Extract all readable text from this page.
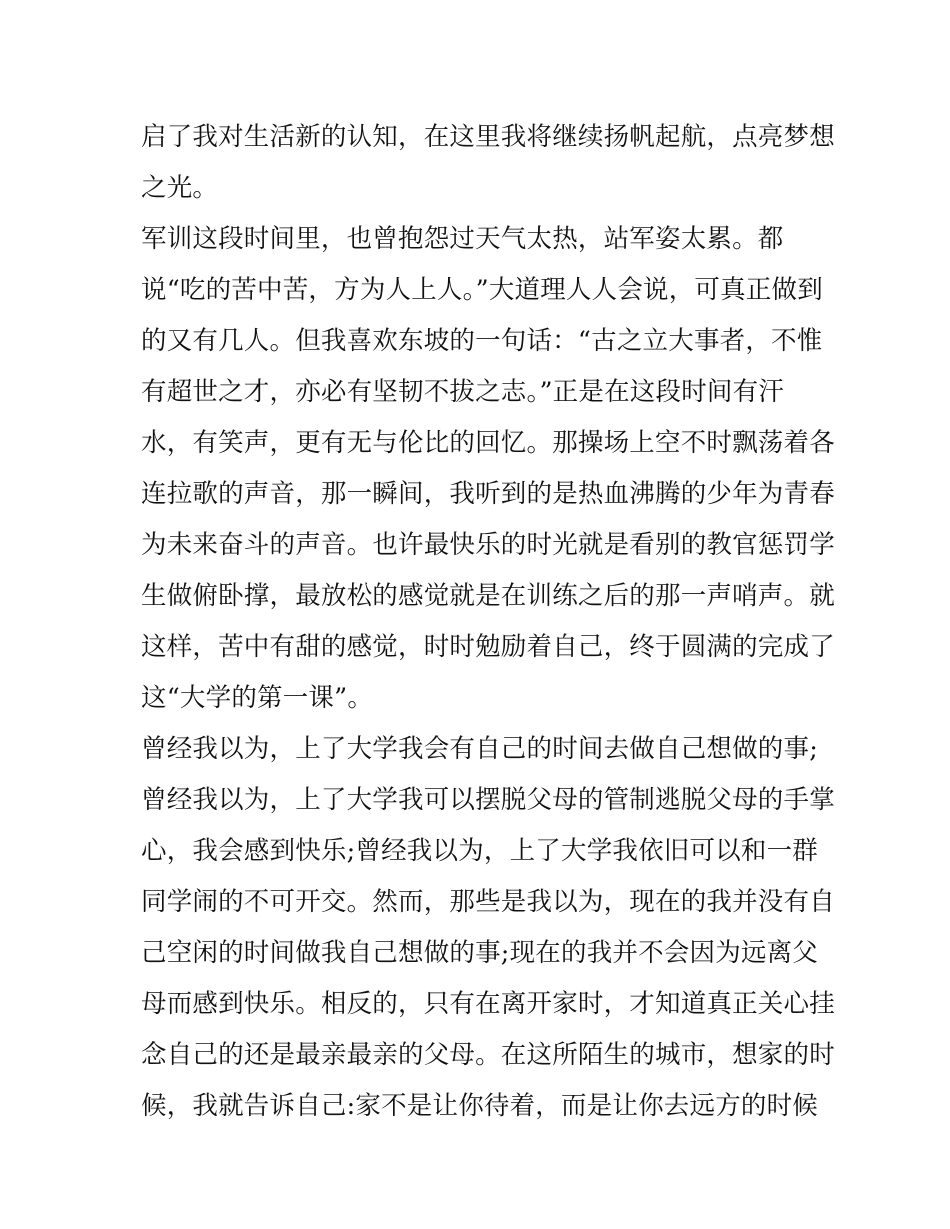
启了我对生活新的认知，在这里我将继续扬帆起航，点亮梦想
之光。
军训这段时间里，也曾抱怨过天气太热，站军姿太累。都
说“吃的苦中苦，方为人上人。”大道理人人会说，可真正做到
的又有几人。但我喜欢东坡的一句话：“古之立大事者，不惟
有超世之才，亦必有坚韧不拔之志。”正是在这段时间有汗
水，有笑声，更有无与伦比的回忆。那操场上空不时飘荡着各
连拉歌的声音，那一瞬间，我听到的是热血沸腾的少年为青春
为未来奋斗的声音。也许最快乐的时光就是看别的教官惩罚学
生做俯卧撑，最放松的感觉就是在训练之后的那一声哨声。就
这样，苦中有甜的感觉，时时勉励着自己，终于圆满的完成了
这“大学的第一课”。
曾经我以为，上了大学我会有自己的时间去做自己想做的事;
曾经我以为，上了大学我可以摆脱父母的管制逃脱父母的手掌
心，我会感到快乐;曾经我以为，上了大学我依旧可以和一群
同学闹的不可开交。然而，那些是我以为，现在的我并没有自
己空闲的时间做我自己想做的事;现在的我并不会因为远离父
母而感到快乐。相反的，只有在离开家时，才知道真正关心挂
念自己的还是最亲最亲的父母。在这所陌生的城市，想家的时
候，我就告诉自己:家不是让你待着，而是让你去远方的时候
